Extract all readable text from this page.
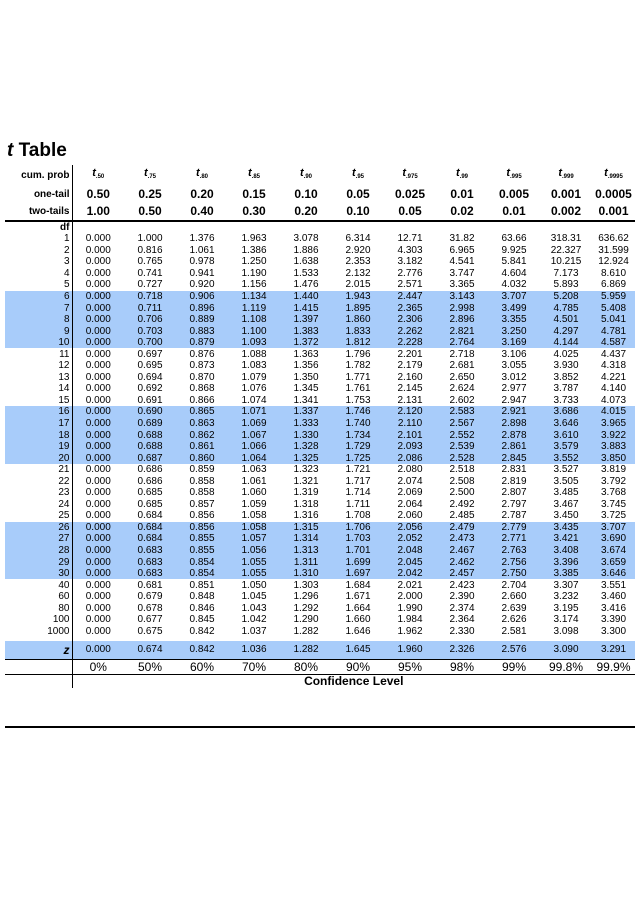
t Table
cum. prob	$t_{.50}$	$t_{.75}$	$t_{.80}$	$t_{.85}$	$t_{.90}$	$t_{.95}$	$t_{.975}$	$t_{.99}$	$t_{.995}$	$t_{.999}$	$t_{.9995}$
one-tail	0.50	0.25	0.20	0.15	0.10	0.05	0.025	0.01	0.005	0.001	0.0005
two-tails	1.00	0.50	0.40	0.30	0.20	0.10	0.05	0.02	0.01	0.002	0.001
df											
1	0.000	1.000	1.376	1.963	3.078	6.314	12.71	31.82	63.66	318.31	636.62
2	0.000	0.816	1.061	1.386	1.886	2.920	4.303	6.965	9.925	22.327	31.599
3	0.000	0.765	0.978	1.250	1.638	2.353	3.182	4.541	5.841	10.215	12.924
4	0.000	0.741	0.941	1.190	1.533	2.132	2.776	3.747	4.604	7.173	8.610
5	0.000	0.727	0.920	1.156	1.476	2.015	2.571	3.365	4.032	5.893	6.869
6	0.000	0.718	0.906	1.134	1.440	1.943	2.447	3.143	3.707	5.208	5.959
7	0.000	0.711	0.896	1.119	1.415	1.895	2.365	2.998	3.499	4.785	5.408
8	0.000	0.706	0.889	1.108	1.397	1.860	2.306	2.896	3.355	4.501	5.041
9	0.000	0.703	0.883	1.100	1.383	1.833	2.262	2.821	3.250	4.297	4.781
10	0.000	0.700	0.879	1.093	1.372	1.812	2.228	2.764	3.169	4.144	4.587
11	0.000	0.697	0.876	1.088	1.363	1.796	2.201	2.718	3.106	4.025	4.437
12	0.000	0.695	0.873	1.083	1.356	1.782	2.179	2.681	3.055	3.930	4.318
13	0.000	0.694	0.870	1.079	1.350	1.771	2.160	2.650	3.012	3.852	4.221
14	0.000	0.692	0.868	1.076	1.345	1.761	2.145	2.624	2.977	3.787	4.140
15	0.000	0.691	0.866	1.074	1.341	1.753	2.131	2.602	2.947	3.733	4.073
16	0.000	0.690	0.865	1.071	1.337	1.746	2.120	2.583	2.921	3.686	4.015
17	0.000	0.689	0.863	1.069	1.333	1.740	2.110	2.567	2.898	3.646	3.965
18	0.000	0.688	0.862	1.067	1.330	1.734	2.101	2.552	2.878	3.610	3.922
19	0.000	0.688	0.861	1.066	1.328	1.729	2.093	2.539	2.861	3.579	3.883
20	0.000	0.687	0.860	1.064	1.325	1.725	2.086	2.528	2.845	3.552	3.850
21	0.000	0.686	0.859	1.063	1.323	1.721	2.080	2.518	2.831	3.527	3.819
22	0.000	0.686	0.858	1.061	1.321	1.717	2.074	2.508	2.819	3.505	3.792
23	0.000	0.685	0.858	1.060	1.319	1.714	2.069	2.500	2.807	3.485	3.768
24	0.000	0.685	0.857	1.059	1.318	1.711	2.064	2.492	2.797	3.467	3.745
25	0.000	0.684	0.856	1.058	1.316	1.708	2.060	2.485	2.787	3.450	3.725
26	0.000	0.684	0.856	1.058	1.315	1.706	2.056	2.479	2.779	3.435	3.707
27	0.000	0.684	0.855	1.057	1.314	1.703	2.052	2.473	2.771	3.421	3.690
28	0.000	0.683	0.855	1.056	1.313	1.701	2.048	2.467	2.763	3.408	3.674
29	0.000	0.683	0.854	1.055	1.311	1.699	2.045	2.462	2.756	3.396	3.659
30	0.000	0.683	0.854	1.055	1.310	1.697	2.042	2.457	2.750	3.385	3.646
40	0.000	0.681	0.851	1.050	1.303	1.684	2.021	2.423	2.704	3.307	3.551
60	0.000	0.679	0.848	1.045	1.296	1.671	2.000	2.390	2.660	3.232	3.460
80	0.000	0.678	0.846	1.043	1.292	1.664	1.990	2.374	2.639	3.195	3.416
100	0.000	0.677	0.845	1.042	1.290	1.660	1.984	2.364	2.626	3.174	3.390
1000	0.000	0.675	0.842	1.037	1.282	1.646	1.962	2.330	2.581	3.098	3.300

z	0.000	0.674	0.842	1.036	1.282	1.645	1.960	2.326	2.576	3.090	3.291
	0%	50%	60%	70%	80%	90%	95%	98%	99%	99.8%	99.9%
	Confidence Level										
